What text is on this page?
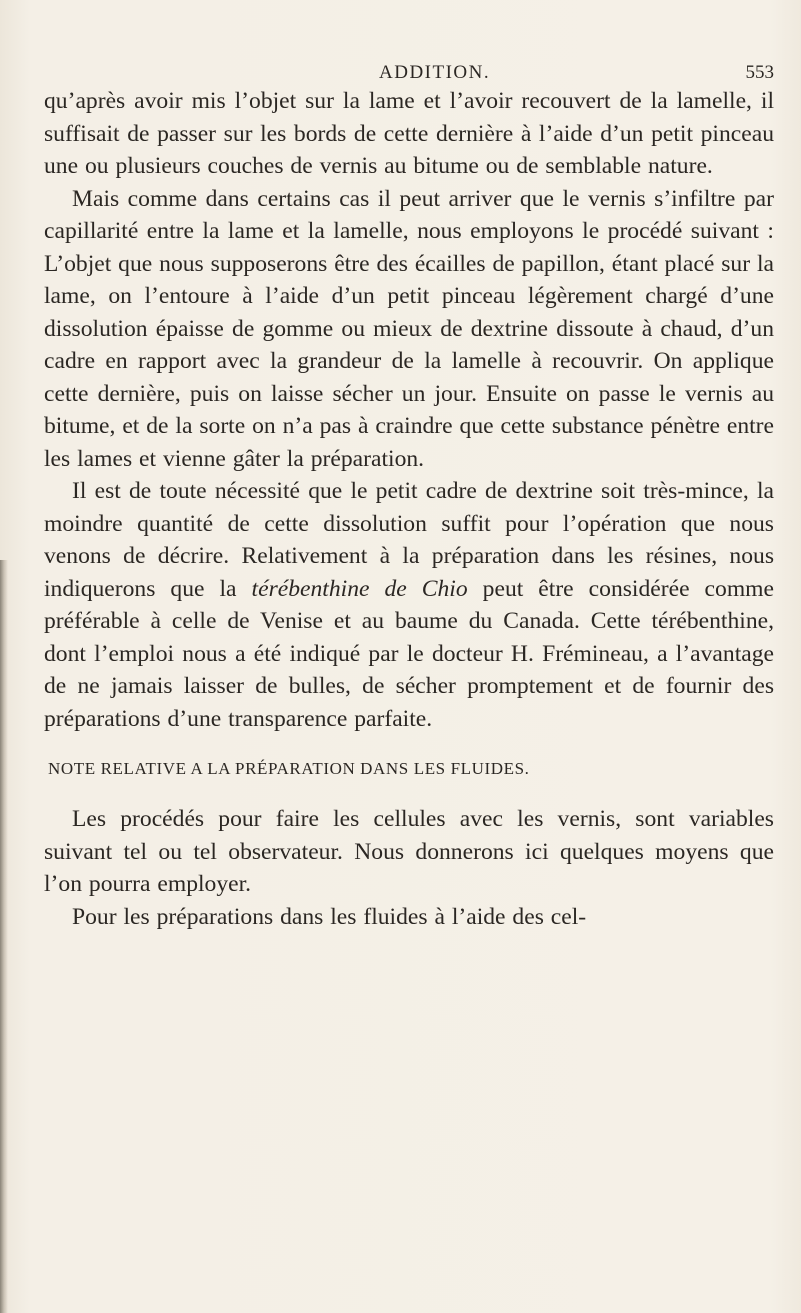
ADDITION.	553

qu’après avoir mis l’objet sur la lame et l’avoir recouvert de la lamelle, il suffisait de passer sur les bords de cette dernière à l’aide d’un petit pinceau une ou plusieurs couches de vernis au bitume ou de semblable nature.

Mais comme dans certains cas il peut arriver que le vernis s’infiltre par capillarité entre la lame et la lamelle, nous employons le procédé suivant : L’objet que nous supposerons être des écailles de papillon, étant placé sur la lame, on l’entoure à l’aide d’un petit pinceau légèrement chargé d’une dissolution épaisse de gomme ou mieux de dextrine dissoute à chaud, d’un cadre en rapport avec la grandeur de la lamelle à recouvrir. On applique cette dernière, puis on laisse sécher un jour. Ensuite on passe le vernis au bitume, et de la sorte on n’a pas à craindre que cette substance pénètre entre les lames et vienne gâter la préparation.

Il est de toute nécessité que le petit cadre de dextrine soit très-mince, la moindre quantité de cette dissolution suffit pour l’opération que nous venons de décrire. Relativement à la préparation dans les résines, nous indiquerons que la térébenthine de Chio peut être considérée comme préférable à celle de Venise et au baume du Canada. Cette térébenthine, dont l’emploi nous a été indiqué par le docteur H. Frémineau, a l’avantage de ne jamais laisser de bulles, de sécher promptement et de fournir des préparations d’une transparence parfaite.

NOTE RELATIVE A LA PRÉPARATION DANS LES FLUIDES.

Les procédés pour faire les cellules avec les vernis, sont variables suivant tel ou tel observateur. Nous donnerons ici quelques moyens que l’on pourra employer.

Pour les préparations dans les fluides à l’aide des cel-
